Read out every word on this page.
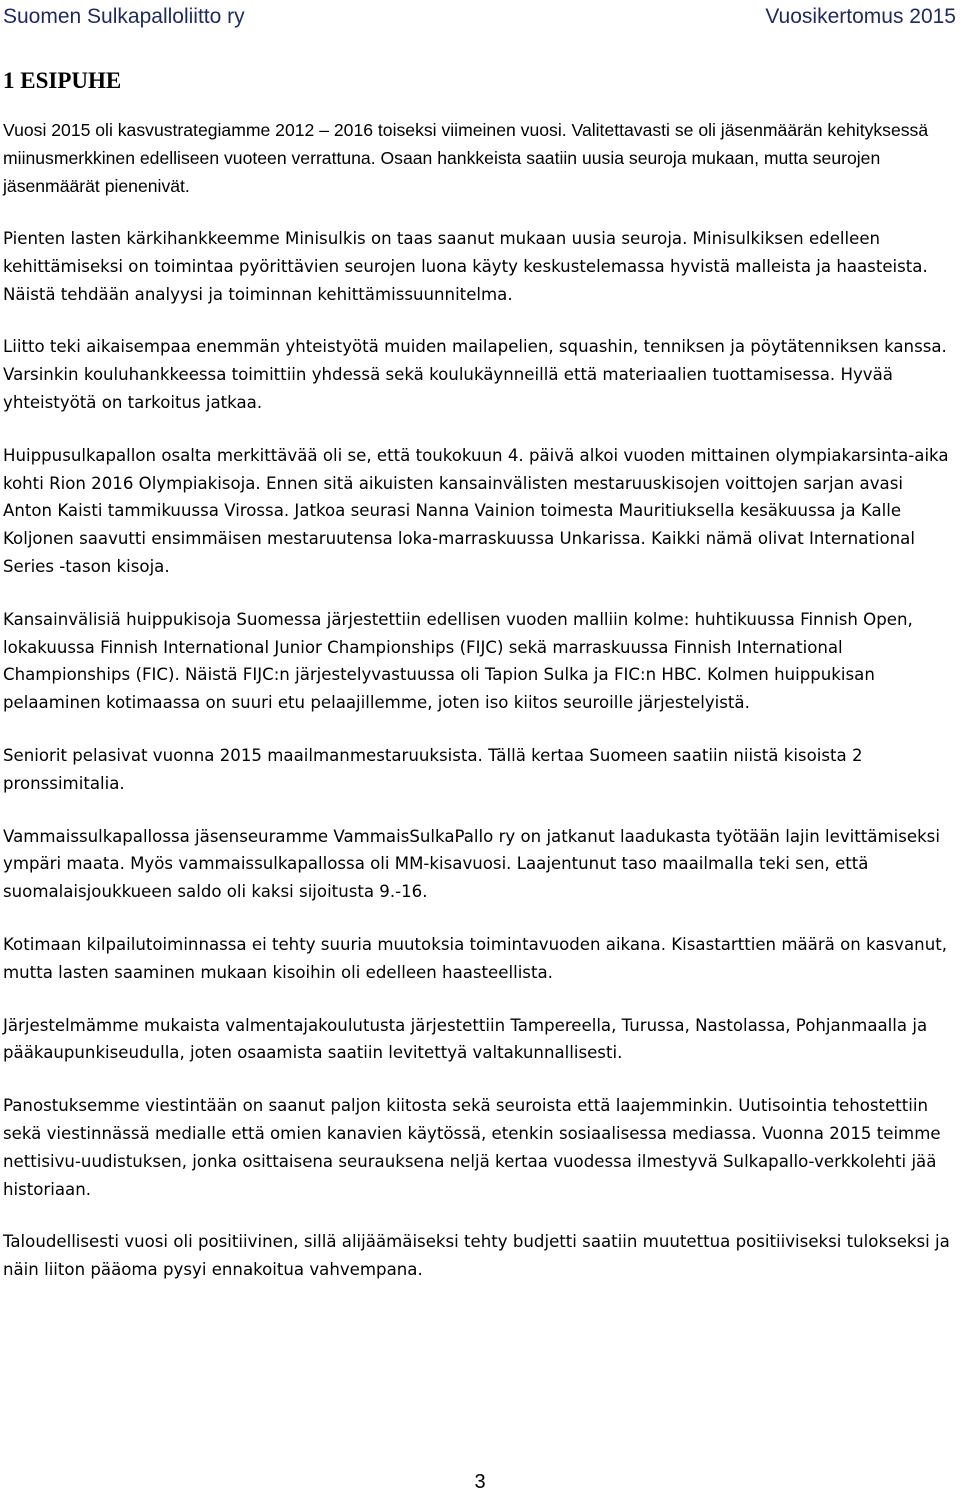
Suomen Sulkapalloliitto ry	Vuosikertomus 2015
1 ESIPUHE

Vuosi 2015 oli kasvustrategiamme 2012 – 2016 toiseksi viimeinen vuosi. Valitettavasti se oli jäsenmäärän kehityksessä miinusmerkkinen edelliseen vuoteen verrattuna. Osaan hankkeista saatiin uusia seuroja mukaan, mutta seurojen jäsenmäärät pienenivät.

Pienten lasten kärkihankkeemme Minisulkis on taas saanut mukaan uusia seuroja. Minisulkiksen edelleen kehittämiseksi on toimintaa pyörittävien seurojen luona käyty keskustelemassa hyvistä malleista ja haasteista. Näistä tehdään analyysi ja toiminnan kehittämissuunnitelma.

Liitto teki aikaisempaa enemmän yhteistyötä muiden mailapelien, squashin, tenniksen ja pöytätenniksen kanssa. Varsinkin kouluhankkeessa toimittiin yhdessä sekä koulukäynneillä että materiaalien tuottamisessa. Hyvää yhteistyötä on tarkoitus jatkaa.

Huippusulkapallon osalta merkittävää oli se, että toukokuun 4. päivä alkoi vuoden mittainen olympiakarsinta-aika kohti Rion 2016 Olympiakisoja. Ennen sitä aikuisten kansainvälisten mestaruuskisojen voittojen sarjan avasi Anton Kaisti tammikuussa Virossa. Jatkoa seurasi Nanna Vainion toimesta Mauritiuksella kesäkuussa ja Kalle Koljonen saavutti ensimmäisen mestaruutensa loka-marraskuussa Unkarissa. Kaikki nämä olivat International Series -tason kisoja.

Kansainvälisiä huippukisoja Suomessa järjestettiin edellisen vuoden malliin kolme: huhtikuussa Finnish Open, lokakuussa Finnish International Junior Championships (FIJC) sekä marraskuussa Finnish International Championships (FIC). Näistä FIJC:n järjestelyvastuussa oli Tapion Sulka ja FIC:n HBC. Kolmen huippukisan pelaaminen kotimaassa on suuri etu pelaajillemme, joten iso kiitos seuroille järjestelyistä.

Seniorit pelasivat vuonna 2015 maailmanmestaruuksista. Tällä kertaa Suomeen saatiin niistä kisoista 2 pronssimitalia.

Vammaissulkapallossa jäsenseuramme VammaisSulkaPallo ry on jatkanut laadukasta työtään lajin levittämiseksi ympäri maata. Myös vammaissulkapallossa oli MM-kisavuosi. Laajentunut taso maailmalla teki sen, että suomalaisjoukkueen saldo oli kaksi sijoitusta 9.-16.

Kotimaan kilpailutoiminnassa ei tehty suuria muutoksia toimintavuoden aikana. Kisastarttien määrä on kasvanut, mutta lasten saaminen mukaan kisoihin oli edelleen haasteellista.

Järjestelmämme mukaista valmentajakoulutusta järjestettiin Tampereella, Turussa, Nastolassa, Pohjanmaalla ja pääkaupunkiseudulla, joten osaamista saatiin levitettyä valtakunnallisesti.

Panostuksemme viestintään on saanut paljon kiitosta sekä seuroista että laajemminkin. Uutisointia tehostettiin sekä viestinnässä medialle että omien kanavien käytössä, etenkin sosiaalisessa mediassa. Vuonna 2015 teimme nettisivu-uudistuksen, jonka osittaisena seurauksena neljä kertaa vuodessa ilmestyvä Sulkapallo-verkkolehti jää historiaan.

Taloudellisesti vuosi oli positiivinen, sillä alijäämäiseksi tehty budjetti saatiin muutettua positiiviseksi tulokseksi ja näin liiton pääoma pysyi ennakoitua vahvempana.

3
